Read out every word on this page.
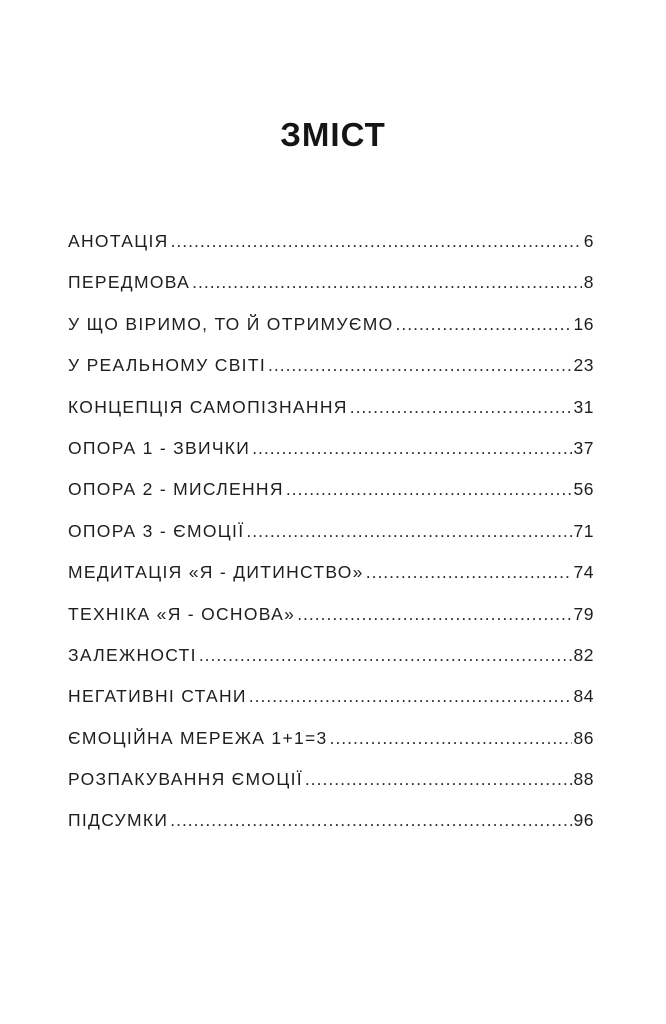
ЗМІСТ
АНОТАЦІЯ .....	6
ПЕРЕДМОВА .....	8
У ЩО ВІРИМО, ТО Й ОТРИМУЄМО .....	16
У РЕАЛЬНОМУ СВІТІ .....	23
КОНЦЕПЦІЯ САМОПІЗНАННЯ .....	31
ОПОРА 1 - ЗВИЧКИ .....	37
ОПОРА 2 - МИСЛЕННЯ .....	56
ОПОРА 3 - ЄМОЦІЇ .....	71
МЕДИТАЦІЯ «Я - ДИТИНСТВО» .....	74
ТЕХНІКА «Я - ОСНОВА» .....	79
ЗАЛЕЖНОСТІ .....	82
НЕГАТИВНІ СТАНИ .....	84
ЄМОЦІЙНА МЕРЕЖА 1+1=3 .....	86
РОЗПАКУВАННЯ ЄМОЦІЇ .....	88
ПІДСУМКИ .....	96
